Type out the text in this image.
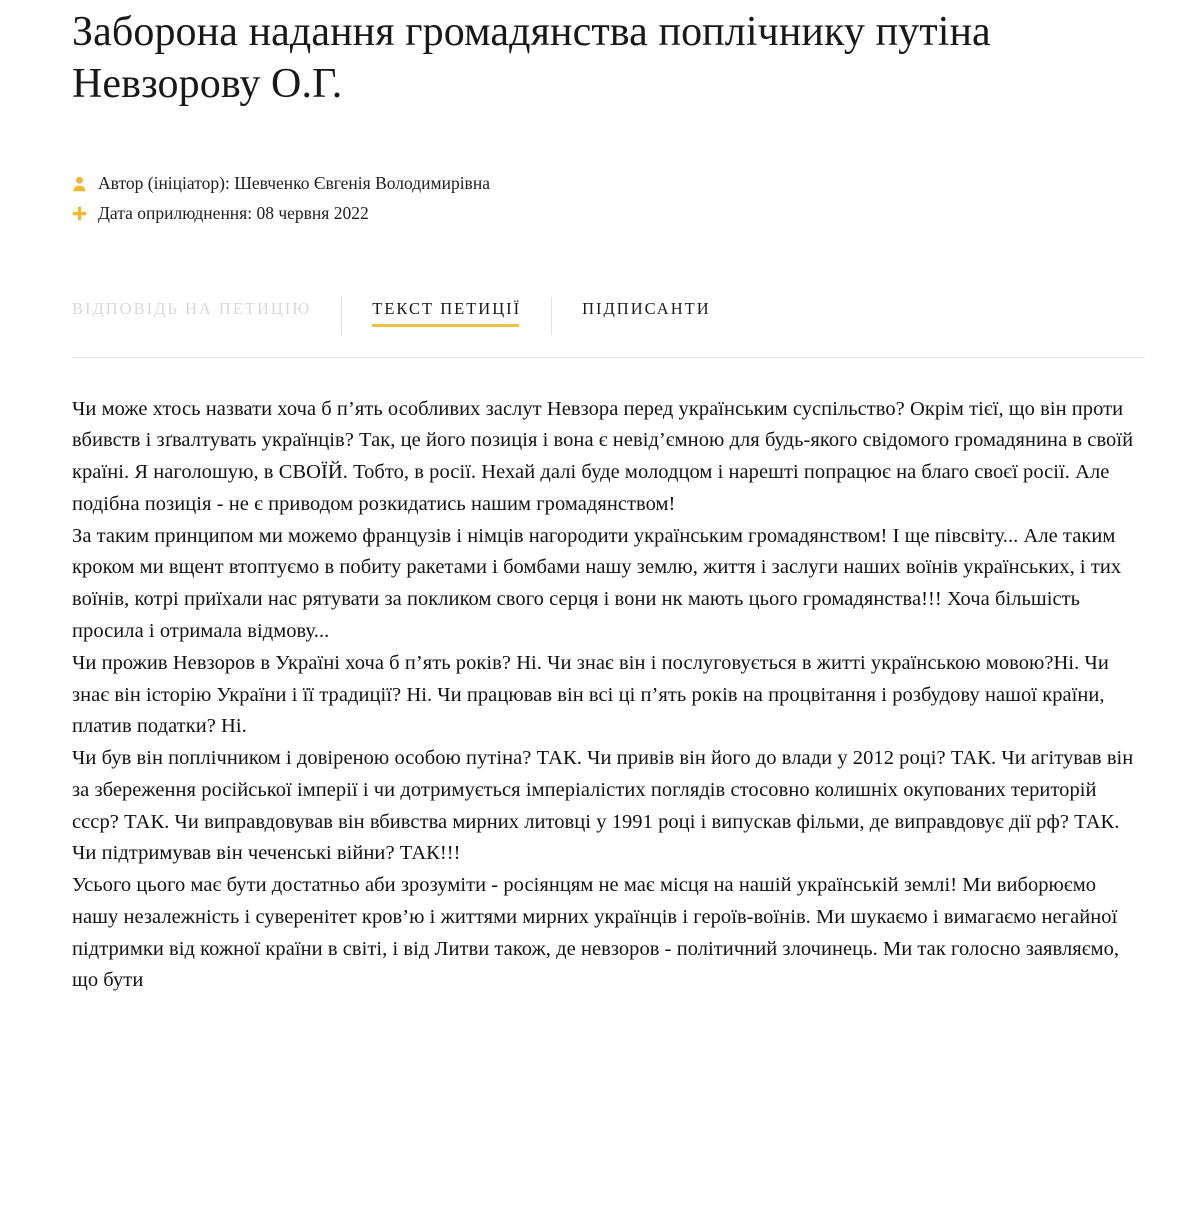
Заборона надання громадянства поплічнику путіна Невзорову О.Г.
Автор (ініціатор): Шевченко Євгенія Володимирівна
Дата оприлюднення: 08 червня 2022
ВІДПОВІДЬ НА ПЕТИЦІЮ	ТЕКСТ ПЕТИЦІЇ	ПІДПИСАНТИ

Чи може хтось назвати хоча б п’ять особливих заслут Невзора перед українським суспільство? Окрім тієї, що він проти вбивств і зґвалтувать українців? Так, це його позиція і вона є невід’ємною для будь-якого свідомого громадянина в своїй країні. Я наголошую, в СВОЇЙ. Тобто, в росії. Нехай далі буде молодцом і нарешті попрацює на благо своєї росії. Але подібна позиція - не є приводом розкидатись нашим громадянством!

За таким принципом ми можемо французів і німців нагородити українським громадянством! І ще півсвіту... Але таким кроком ми вщент втоптуємо в побиту ракетами і бомбами нашу землю, життя і заслуги наших воїнів українських, і тих воїнів, котрі приїхали нас рятувати за покликом свого серця і вони нк мають цього громадянства!!! Хоча більшість просила і отримала відмову...

Чи прожив Невзоров в Україні хоча б п’ять років? Ні. Чи знає він і послуговується в житті українською мовою?Ні. Чи знає він історію України і її традиції? Ні. Чи працював він всі ці п’ять років на процвітання і розбудову нашої країни, платив податки? Ні.

Чи був він поплічником і довіреною особою путіна? ТАК. Чи привів він його до влади у 2012 році? ТАК. Чи агітував він за збереження російської імперії і чи дотримується імперіалістих поглядів стосовно колишніх окупованих територій сссp? ТАК. Чи виправдовував він вбивства мирних литовці у 1991 році і випускав фільми, де виправдовує дії рф? ТАК. Чи підтримував він чеченські війни? ТАК!!!

Усього цього має бути достатньо аби зрозуміти - росіянцям не має місця на нашій українській землі! Ми виборюємо нашу незалежність і суверенітет кров’ю і життями мирних українців і героїв-воїнів. Ми шукаємо і вимагаємо негайної підтримки від кожної країни в світі, і від Литви також, де невзоров - політичний злочинець. Ми так голосно заявляємо, що бути
